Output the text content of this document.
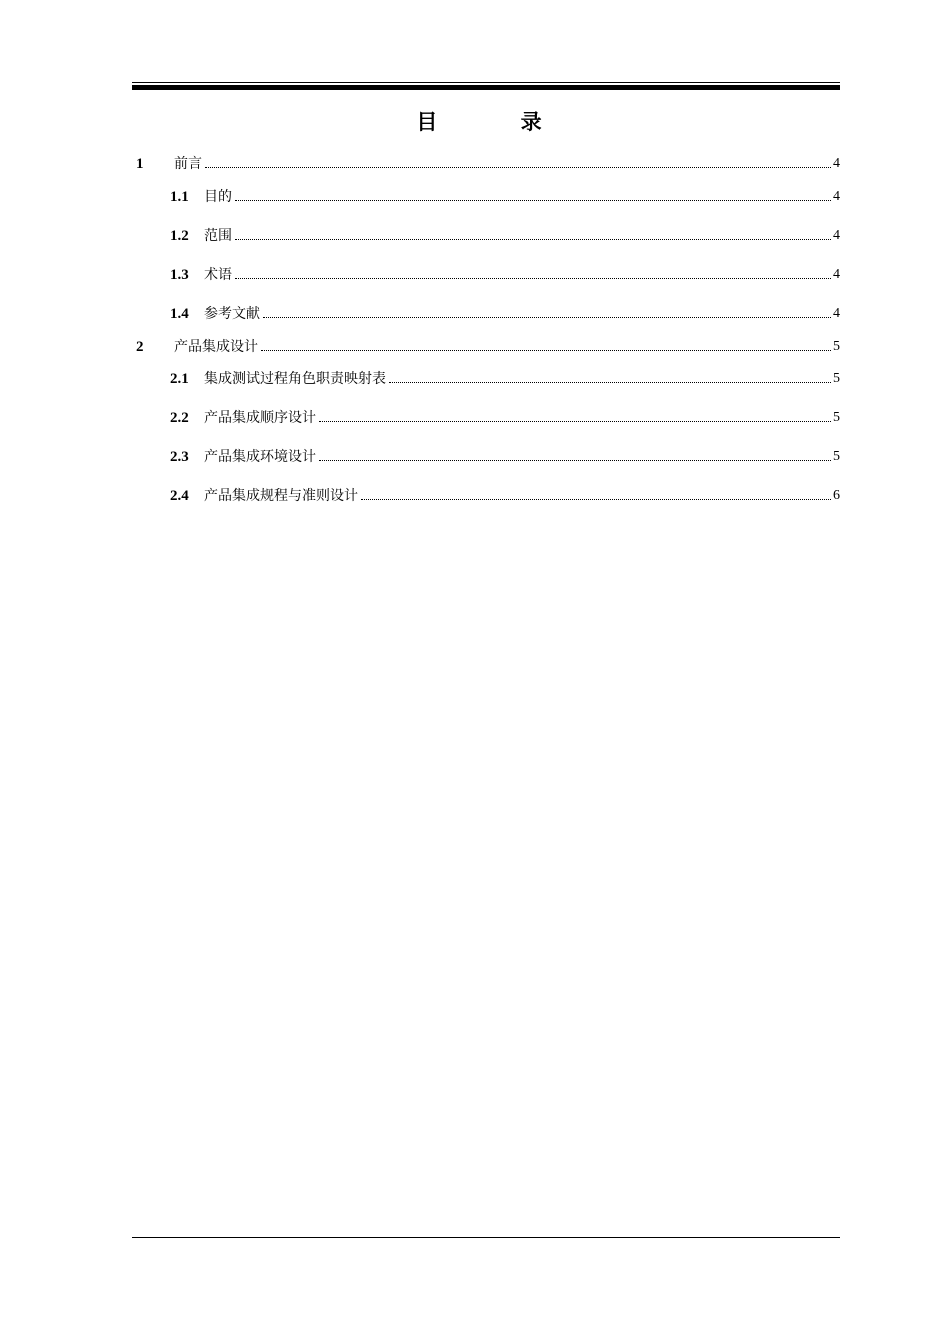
目 录
1	前言	4
1.1	目的	4
1.2	范围	4
1.3	术语	4
1.4	参考文献	4
2	产品集成设计	5
2.1	集成测试过程角色职责映射表	5
2.2	产品集成顺序设计	5
2.3	产品集成环境设计	5
2.4	产品集成规程与准则设计	6
